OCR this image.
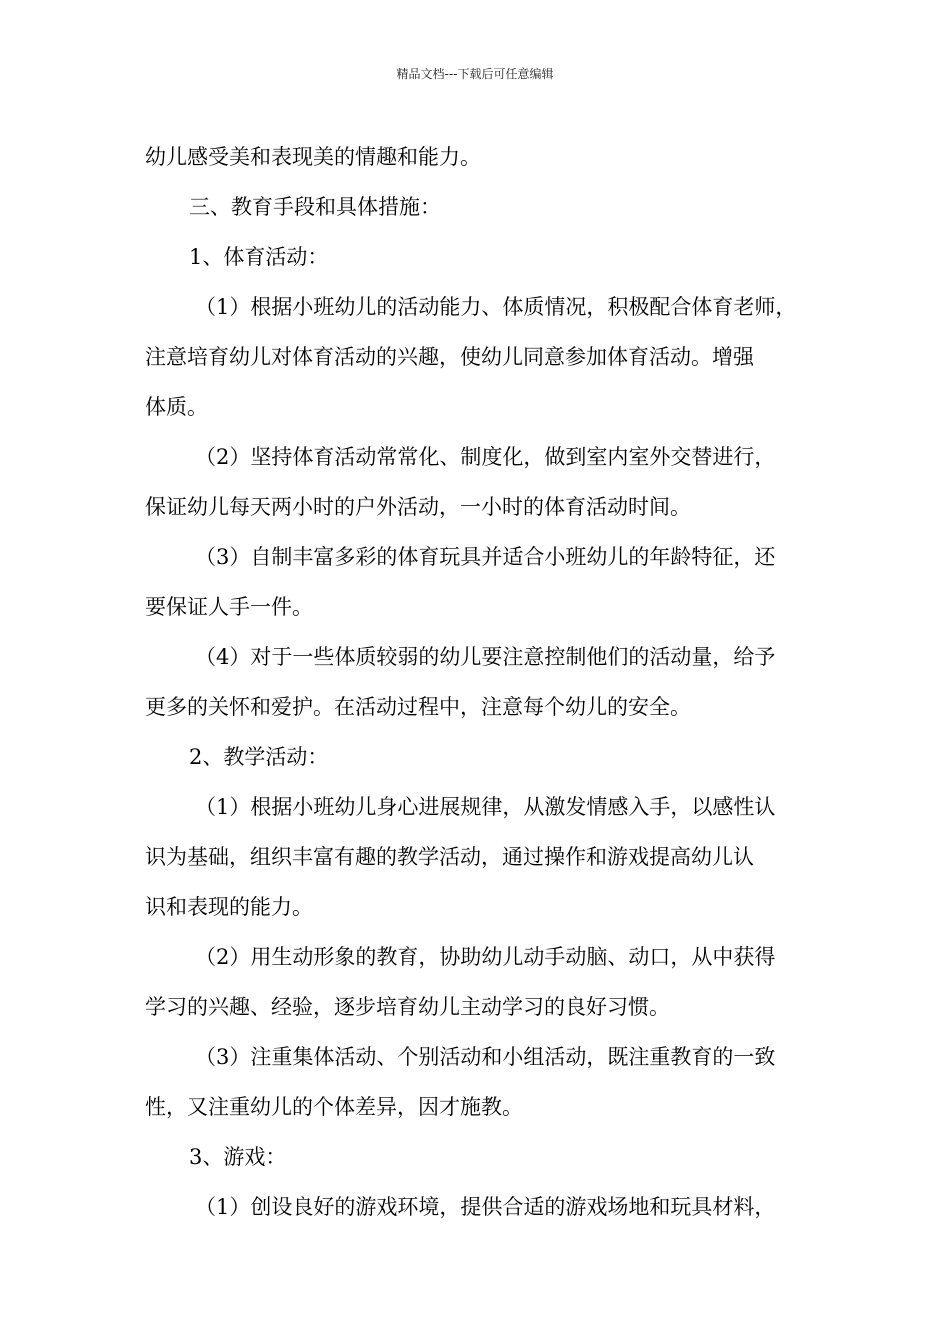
精品文档---下载后可任意编辑
幼儿感受美和表现美的情趣和能力。
三、教育手段和具体措施：
1、体育活动：
（1）根据小班幼儿的活动能力、体质情况，积极配合体育老师，
注意培育幼儿对体育活动的兴趣，使幼儿同意参加体育活动。增强
体质。
（2）坚持体育活动常常化、制度化，做到室内室外交替进行，
保证幼儿每天两小时的户外活动，一小时的体育活动时间。
（3）自制丰富多彩的体育玩具并适合小班幼儿的年龄特征，还
要保证人手一件。
（4）对于一些体质较弱的幼儿要注意控制他们的活动量，给予
更多的关怀和爱护。在活动过程中，注意每个幼儿的安全。
2、教学活动：
（1）根据小班幼儿身心进展规律，从激发情感入手，以感性认
识为基础，组织丰富有趣的教学活动，通过操作和游戏提高幼儿认
识和表现的能力。
（2）用生动形象的教育，协助幼儿动手动脑、动口，从中获得
学习的兴趣、经验，逐步培育幼儿主动学习的良好习惯。
（3）注重集体活动、个别活动和小组活动，既注重教育的一致
性，又注重幼儿的个体差异，因才施教。
3、游戏：
（1）创设良好的游戏环境，提供合适的游戏场地和玩具材料，
